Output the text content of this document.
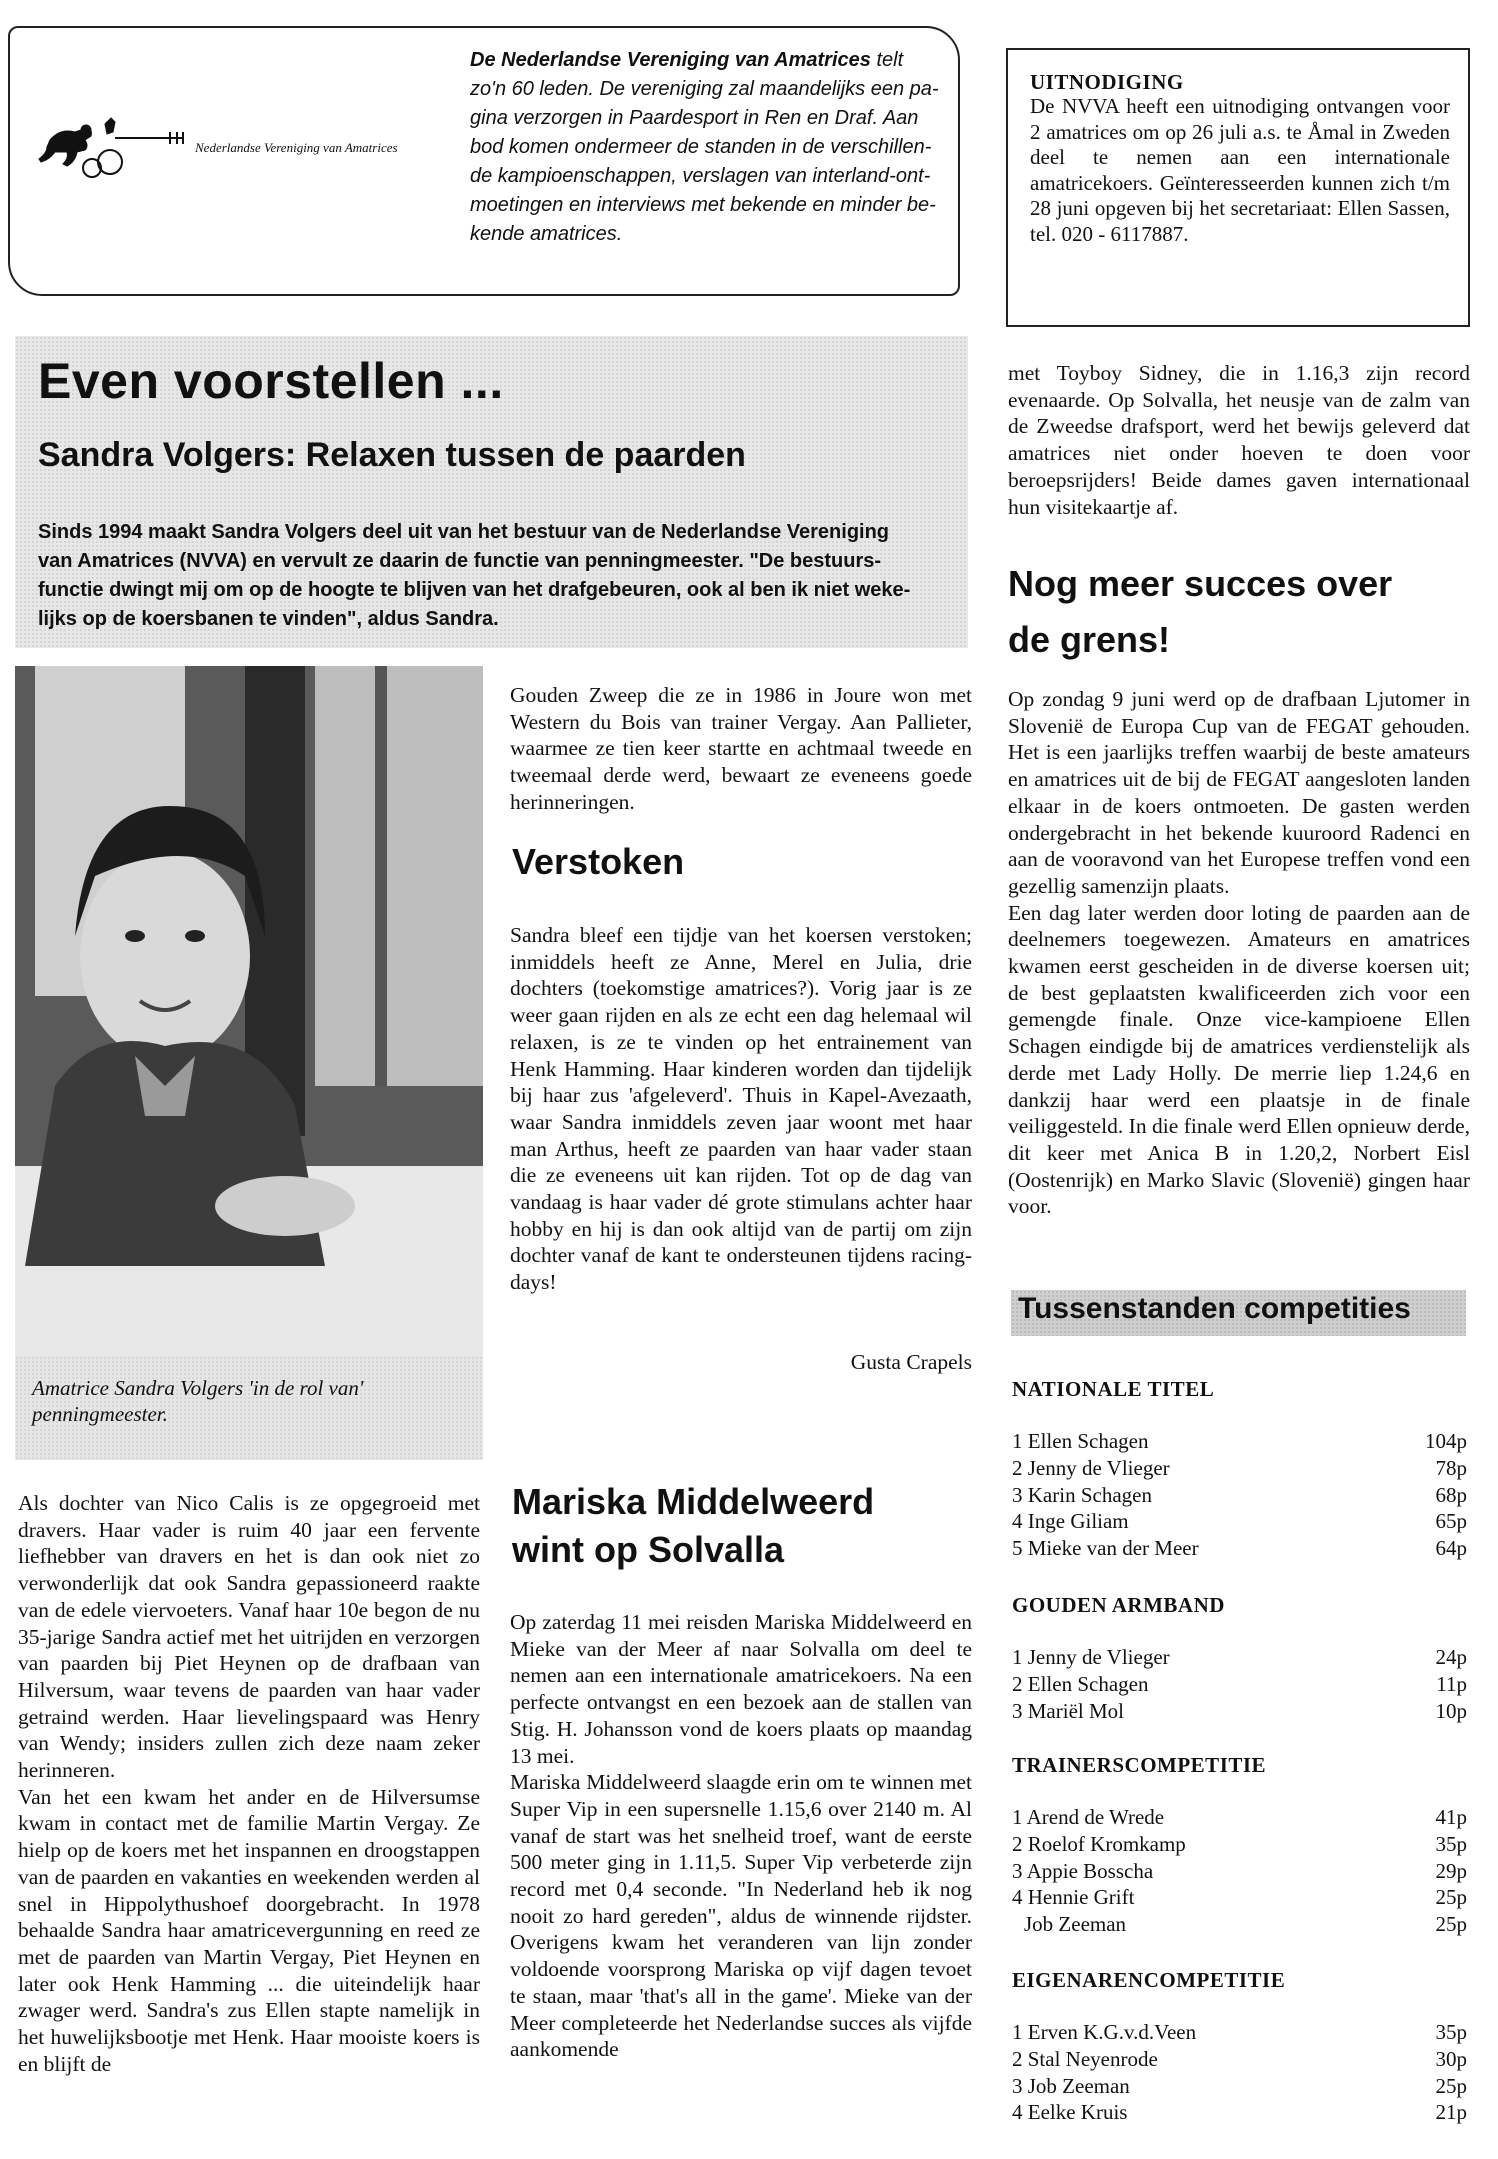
Nederlandse Vereniging van Amatrices
De Nederlandse Vereniging van Amatrices telt
zo'n 60 leden. De vereniging zal maandelijks een pa-
gina verzorgen in Paardesport in Ren en Draf. Aan
bod komen ondermeer de standen in de verschillen-
de kampioenschappen, verslagen van interland-ont-
moetingen en interviews met bekende en minder be-
kende amatrices.
UITNODIGING
De NVVA heeft een uitnodiging ontvangen voor 2 amatrices om op 26 juli a.s. te Åmal in Zweden deel te nemen aan een internationale amatricekoers. Geïnteresseerden kunnen zich t/m 28 juni opgeven bij het secretariaat: Ellen Sassen, tel. 020 - 6117887.
Even voorstellen ...
Sandra Volgers: Relaxen tussen de paarden
Sinds 1994 maakt Sandra Volgers deel uit van het bestuur van de Nederlandse Vereniging
van Amatrices (NVVA) en vervult ze daarin de functie van penningmeester. "De bestuurs-
functie dwingt mij om op de hoogte te blijven van het drafgebeuren, ook al ben ik niet weke-
lijks op de koersbanen te vinden", aldus Sandra.
Amatrice Sandra Volgers 'in de rol van' penningmeester.

Als dochter van Nico Calis is ze opgegroeid met dravers. Haar vader is ruim 40 jaar een fervente liefhebber van dravers en het is dan ook niet zo verwonderlijk dat ook Sandra gepassioneerd raakte van de edele viervoeters. Vanaf haar 10e begon de nu 35-jarige Sandra actief met het uitrijden en verzorgen van paarden bij Piet Heynen op de drafbaan van Hilversum, waar tevens de paarden van haar vader getraind werden. Haar lievelingspaard was Henry van Wendy; insiders zullen zich deze naam zeker herinneren.

Van het een kwam het ander en de Hilversumse kwam in contact met de familie Martin Vergay. Ze hielp op de koers met het inspannen en droogstappen van de paarden en vakanties en weekenden werden al snel in Hippolythushoef doorgebracht. In 1978 behaalde Sandra haar amatricevergunning en reed ze met de paarden van Martin Vergay, Piet Heynen en later ook Henk Hamming ... die uiteindelijk haar zwager werd. Sandra's zus Ellen stapte namelijk in het huwelijksbootje met Henk. Haar mooiste koers is en blijft de

Gouden Zweep die ze in 1986 in Joure won met Western du Bois van trainer Vergay. Aan Pallieter, waarmee ze tien keer startte en achtmaal tweede en tweemaal derde werd, bewaart ze eveneens goede herinneringen.
Verstoken
Sandra bleef een tijdje van het koersen verstoken; inmiddels heeft ze Anne, Merel en Julia, drie dochters (toekomstige amatrices?). Vorig jaar is ze weer gaan rijden en als ze echt een dag helemaal wil relaxen, is ze te vinden op het entrainement van Henk Hamming. Haar kinderen worden dan tijdelijk bij haar zus 'afgeleverd'. Thuis in Kapel-Avezaath, waar Sandra inmiddels zeven jaar woont met haar man Arthus, heeft ze paarden van haar vader staan die ze eveneens uit kan rijden. Tot op de dag van vandaag is haar vader dé grote stimulans achter haar hobby en hij is dan ook altijd van de partij om zijn dochter vanaf de kant te ondersteunen tijdens racing-days!
Gusta Crapels
Mariska Middelweerd
wint op Solvalla

Op zaterdag 11 mei reisden Mariska Middelweerd en Mieke van der Meer af naar Solvalla om deel te nemen aan een internationale amatricekoers. Na een perfecte ontvangst en een bezoek aan de stallen van Stig. H. Johansson vond de koers plaats op maandag 13 mei.

Mariska Middelweerd slaagde erin om te winnen met Super Vip in een supersnelle 1.15,6 over 2140 m. Al vanaf de start was het snelheid troef, want de eerste 500 meter ging in 1.11,5. Super Vip verbeterde zijn record met 0,4 seconde. "In Nederland heb ik nog nooit zo hard gereden", aldus de winnende rijdster. Overigens kwam het veranderen van lijn zonder voldoende voorsprong Mariska op vijf dagen tevoet te staan, maar 'that's all in the game'. Mieke van der Meer completeerde het Nederlandse succes als vijfde aankomende

met Toyboy Sidney, die in 1.16,3 zijn record evenaarde. Op Solvalla, het neusje van de zalm van de Zweedse drafsport, werd het bewijs geleverd dat amatrices niet onder hoeven te doen voor beroepsrijders! Beide dames gaven internationaal hun visitekaartje af.
Nog meer succes over
de grens!

Op zondag 9 juni werd op de drafbaan Ljutomer in Slovenië de Europa Cup van de FEGAT gehouden. Het is een jaarlijks treffen waarbij de beste amateurs en amatrices uit de bij de FEGAT aangesloten landen elkaar in de koers ontmoeten. De gasten werden ondergebracht in het bekende kuuroord Radenci en aan de vooravond van het Europese treffen vond een gezellig samenzijn plaats.

Een dag later werden door loting de paarden aan de deelnemers toegewezen. Amateurs en amatrices kwamen eerst gescheiden in de diverse koersen uit; de best geplaatsten kwalificeerden zich voor een gemengde finale. Onze vice-kampioene Ellen Schagen eindigde bij de amatrices verdienstelijk als derde met Lady Holly. De merrie liep 1.24,6 en dankzij haar werd een plaatsje in de finale veiliggesteld. In die finale werd Ellen opnieuw derde, dit keer met Anica B in 1.20,2, Norbert Eisl (Oostenrijk) en Marko Slavic (Slovenië) gingen haar voor.

Tussenstanden competities
NATIONALE TITEL
1 Ellen Schagen	104p
2 Jenny de Vlieger	78p
3 Karin Schagen	68p
4 Inge Giliam	65p
5 Mieke van der Meer	64p
GOUDEN ARMBAND
1 Jenny de Vlieger	24p
2 Ellen Schagen	11p
3 Mariël Mol	10p
TRAINERSCOMPETITIE
1 Arend de Wrede	41p
2 Roelof Kromkamp	35p
3 Appie Bosscha	29p
4 Hennie Grift	25p
Job Zeeman	25p
EIGENARENCOMPETITIE
1 Erven K.G.v.d.Veen	35p
2 Stal Neyenrode	30p
3 Job Zeeman	25p
4 Eelke Kruis	21p
